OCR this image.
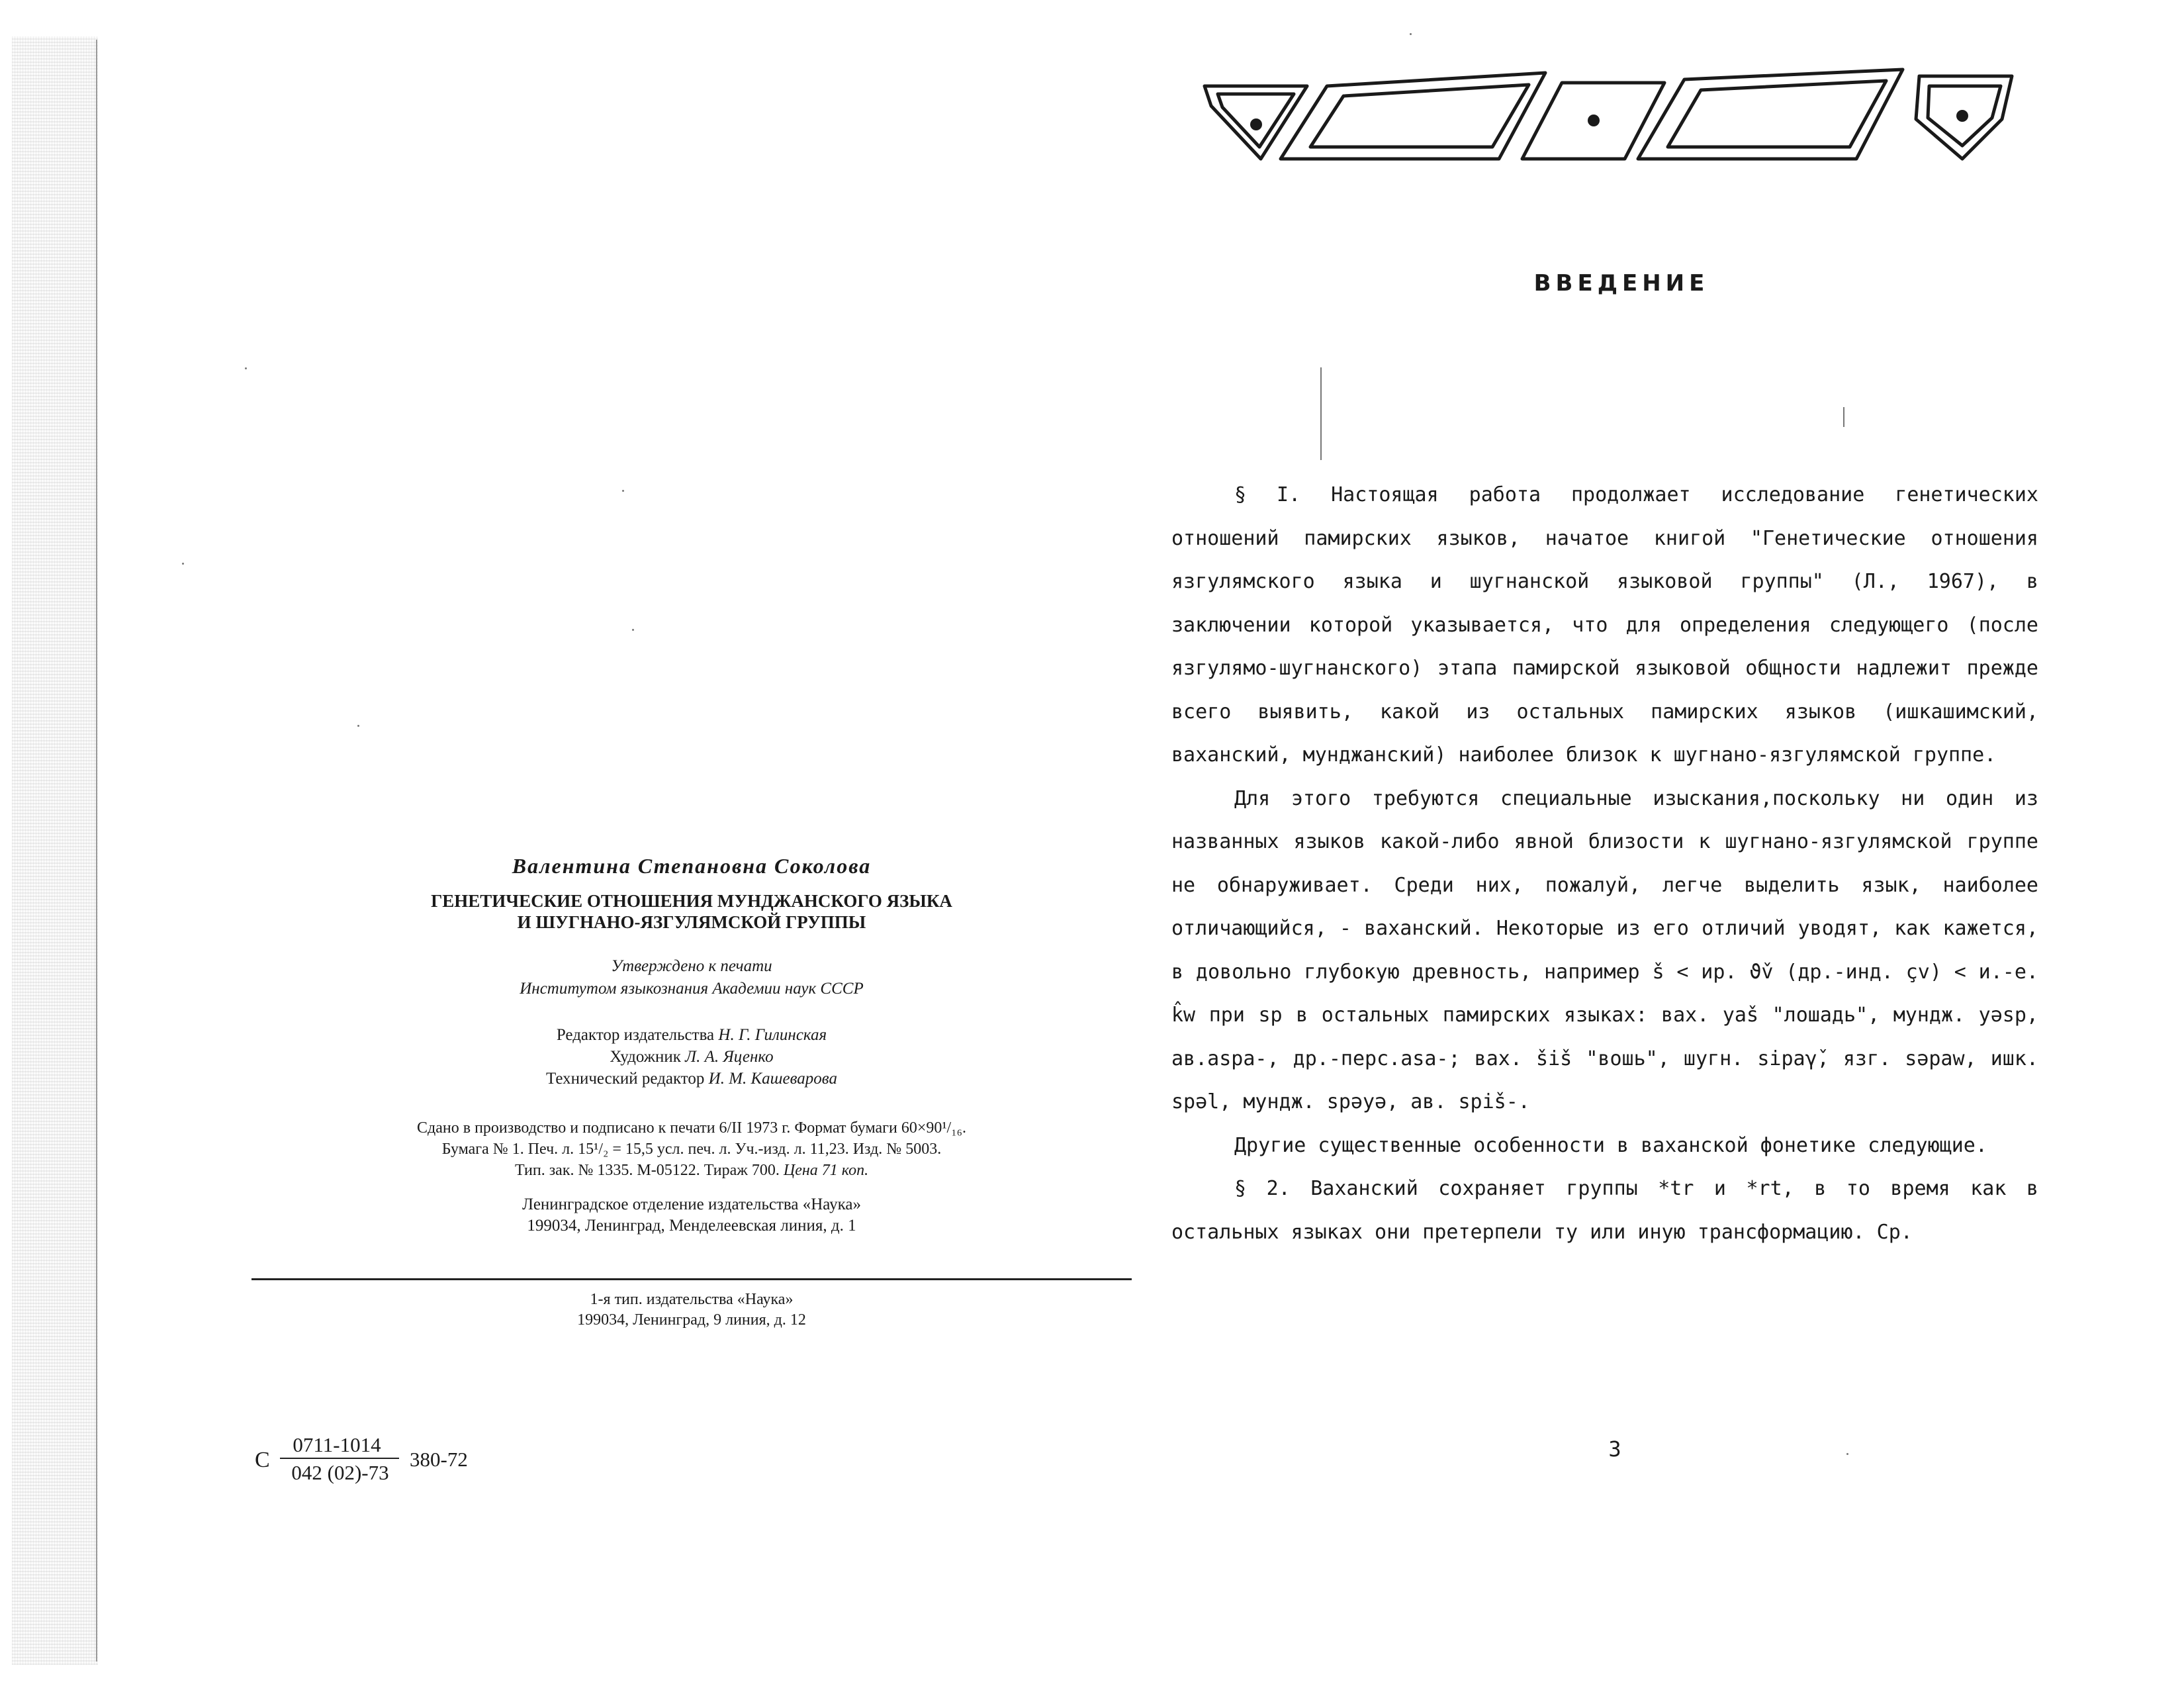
Валентина Степановна Соколова

ГЕНЕТИЧЕСКИЕ ОТНОШЕНИЯ МУНДЖАНСКОГО ЯЗЫКА
И ШУГНАНО-ЯЗГУЛЯМСКОЙ ГРУППЫ

Утверждено к печати
Институтом языкознания Академии наук СССР

Редактор издательства Н. Г. Гилинская
Художник Л. А. Яценко
Технический редактор И. М. Кашеварова

Сдано в производство и подписано к печати 6/II 1973 г. Формат бумаги 60×90¹/₁₆.
Бумага № 1. Печ. л. 15¹/₂ = 15,5 усл. печ. л. Уч.-изд. л. 11,23. Изд. № 5003.
Тип. зак. № 1335. М-05122. Тираж 700. Цена 71 коп.

Ленинградское отделение издательства «Наука»
199034, Ленинград, Менделеевская линия, д. 1

1-я тип. издательства «Наука»
199034, Ленинград, 9 линия, д. 12
С
0711-1014
042 (02)-73
380-72
ВВЕДЕНИЕ

§ I. Настоящая работа продолжает исследование генетических отношений памирских языков, начатое книгой "Генетические отношения язгулямского языка и шугнанской языковой группы" (Л., 1967), в заключении которой указывается, что для определения следующего (после язгулямо-шугнанского) этапа памирской языковой общности надлежит прежде всего выявить, какой из остальных памирских языков (ишкашимский, ваханский, мунджанский) наиболее близок к шугнано-язгулямской группе.

Для этого требуются специальные изыскания,поскольку ни один из названных языков какой-либо явной близости к шугнано-язгулямской группе не обнаруживает. Среди них, пожалуй, легче выделить язык, наиболее отличающийся, - ваханский. Некоторые из его отличий уводят, как кажется, в довольно глубокую древность, например š < ир. ϑ̌v (др.-инд. çv) < и.-е. k̂w при sp в остальных памирских языках: вах. yaš "лошадь", мундж. yəsp, ав.aspa-, др.-перс.asa-; вах. šiš "вошь", шугн. sipaγ̌, язг. səpaw, ишк. spəl, мундж. spəyə, ав. spiš-.

Другие существенные особенности в ваханской фонетике следующие.

§ 2. Ваханский сохраняет группы *tr и *rt, в то время как в остальных языках они претерпели ту или иную трансформацию. Ср.

3
